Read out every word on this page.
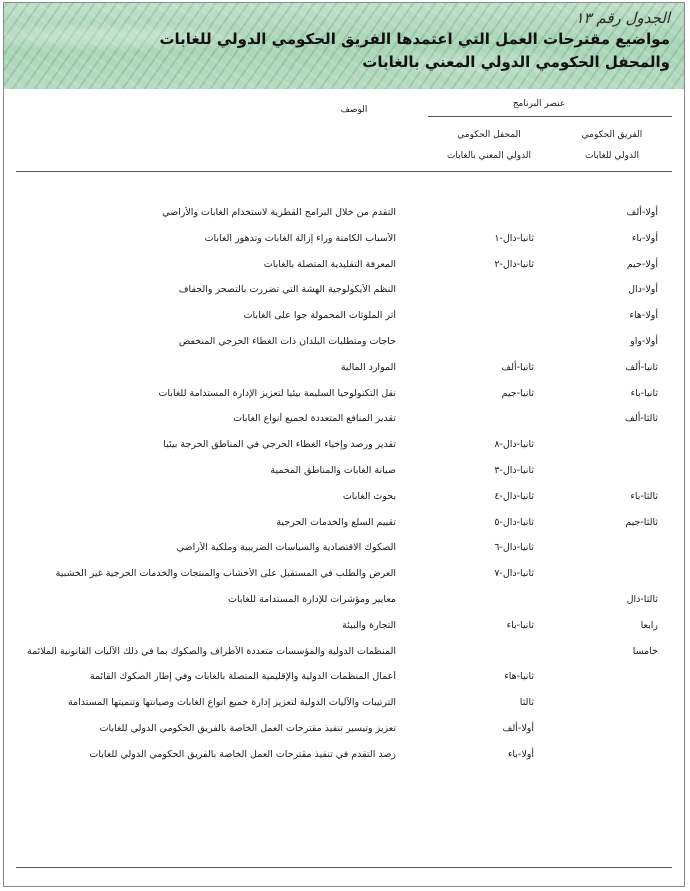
الجدول رقم ١٣
مواضيع مقترحات العمل التي اعتمدها الفريق الحكومي الدولي للغابات
والمحفل الحكومي الدولي المعني بالغابات
عنصر البرنامج
الوصف
الفريق الحكومي
الدولي للغابات
المحفل الحكومي
الدولي المعني بالغابات
أولا-ألف
التقدم من خلال البرامج القطرية لاستخدام الغابات والأراضي
أولا-باء
ثانيا-دال-١
الأسباب الكامنة وراء إزالة الغابات وتدهور الغابات
أولا-جيم
ثانيا-دال-٢
المعرفة التقليدية المتصلة بالغابات
أولا-دال
النظم الأيكولوجية الهشة التي تضررت بالتصحر والجفاف
أولا-هاء
أثر الملوثات المحمولة جوا على الغابات
أولا-واو
حاجات ومتطلبات البلدان ذات الغطاء الحرجي المنخفض
ثانيا-ألف
ثانيا-ألف
الموارد المالية
ثانيا-باء
ثانيا-جيم
نقل التكنولوجيا السليمة بيئيا لتعزيز الإدارة المستدامة للغابات
ثالثا-ألف
تقدير المنافع المتعددة لجميع أنواع الغابات
ثانيا-دال-٨
تقدير ورصد وإحياء الغطاء الحرجي في المناطق الحرجة بيئيا
ثانيا-دال-٣
صيانة الغابات والمناطق المحمية
ثالثا-باء
ثانيا-دال-٤
بحوث الغابات
ثالثا-جيم
ثانيا-دال-٥
تقييم السلع والخدمات الحرجية
ثانيا-دال-٦
الصكوك الاقتصادية والسياسات الضريبية وملكية الأراضي
ثانيا-دال-٧
العرض والطلب في المستقبل على الأخشاب والمنتجات والخدمات الحرجية غير الخشبية
ثالثا-دال
معايير ومؤشرات للإدارة المستدامة للغابات
رابعا
ثانيا-باء
التجارة والبيئة
خامسا
المنظمات الدولية والمؤسسات متعددة الأطراف والصكوك بما في ذلك الآليات القانونية الملائمة
ثانيا-هاء
أعمال المنظمات الدولية والإقليمية المتصلة بالغابات وفي إطار الصكوك القائمة
ثالثا
الترتيبات والآليات الدولية لتعزيز إدارة جميع أنواع الغابات وصيانتها وتنميتها المستدامة
أولا-ألف
تعزيز وتيسير تنفيذ مقترحات العمل الخاصة بالفريق الحكومي الدولي للغابات
أولا-باء
رصد التقدم في تنفيذ مقترحات العمل الخاصة بالفريق الحكومي الدولي للغابات
